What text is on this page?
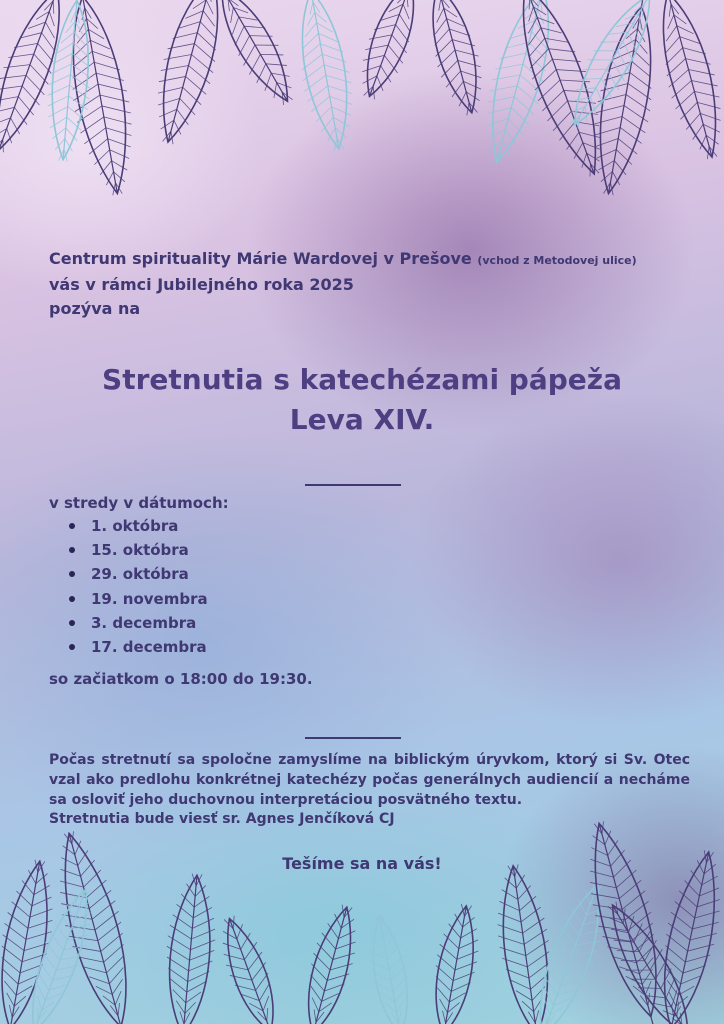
Centrum spirituality Márie Wardovej v Prešove (vchod z Metodovej ulice)
vás v rámci Jubilejného roka 2025
pozýva na
Stretnutia s katechézami pápeža
Leva XIV.
v stredy v dátumoch:
1. októbra
15. októbra
29. októbra
19. novembra
3. decembra
17. decembra
so začiatkom o 18:00 do 19:30.
Počas stretnutí sa spoločne zamyslíme na biblickým úryvkom, ktorý si Sv. Otec vzal ako predlohu konkrétnej katechézy počas generálnych audiencií a necháme sa osloviť jeho duchovnou interpretáciou posvätného textu.
Stretnutia bude viesť sr. Agnes Jenčíková CJ
Tešíme sa na vás!
